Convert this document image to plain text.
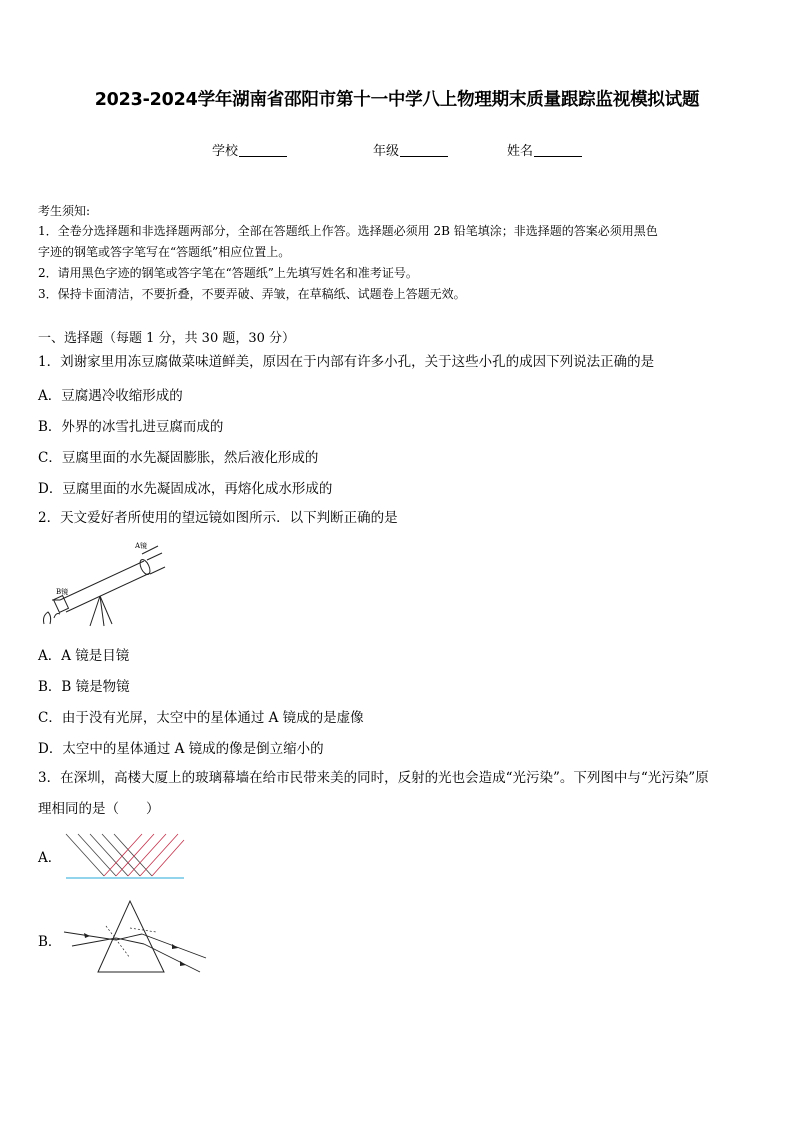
2023-2024学年湖南省邵阳市第十一中学八上物理期末质量跟踪监视模拟试题
学校	年级	姓名
考生须知:
1．全卷分选择题和非选择题两部分，全部在答题纸上作答。选择题必须用 2B 铅笔填涂；非选择题的答案必须用黑色
字迹的钢笔或答字笔写在“答题纸”相应位置上。
2．请用黑色字迹的钢笔或答字笔在“答题纸”上先填写姓名和准考证号。
3．保持卡面清洁，不要折叠，不要弄破、弄皱，在草稿纸、试题卷上答题无效。
一、选择题（每题 1 分，共 30 题，30 分）
1．刘谢家里用冻豆腐做菜味道鲜美，原因在于内部有许多小孔，关于这些小孔的成因下列说法正确的是
A．豆腐遇冷收缩形成的
B．外界的冰雪扎进豆腐而成的
C．豆腐里面的水先凝固膨胀，然后液化形成的
D．豆腐里面的水先凝固成冰，再熔化成水形成的
2．天文爱好者所使用的望远镜如图所示．以下判断正确的是
A镜
B镜
A．A 镜是目镜
B．B 镜是物镜
C．由于没有光屏，太空中的星体通过 A 镜成的是虚像
D．太空中的星体通过 A 镜成的像是倒立缩小的
3．在深圳，高楼大厦上的玻璃幕墙在给市民带来美的同时，反射的光也会造成“光污染”。下列图中与“光污染”原
理相同的是（　　）
A．
B．
